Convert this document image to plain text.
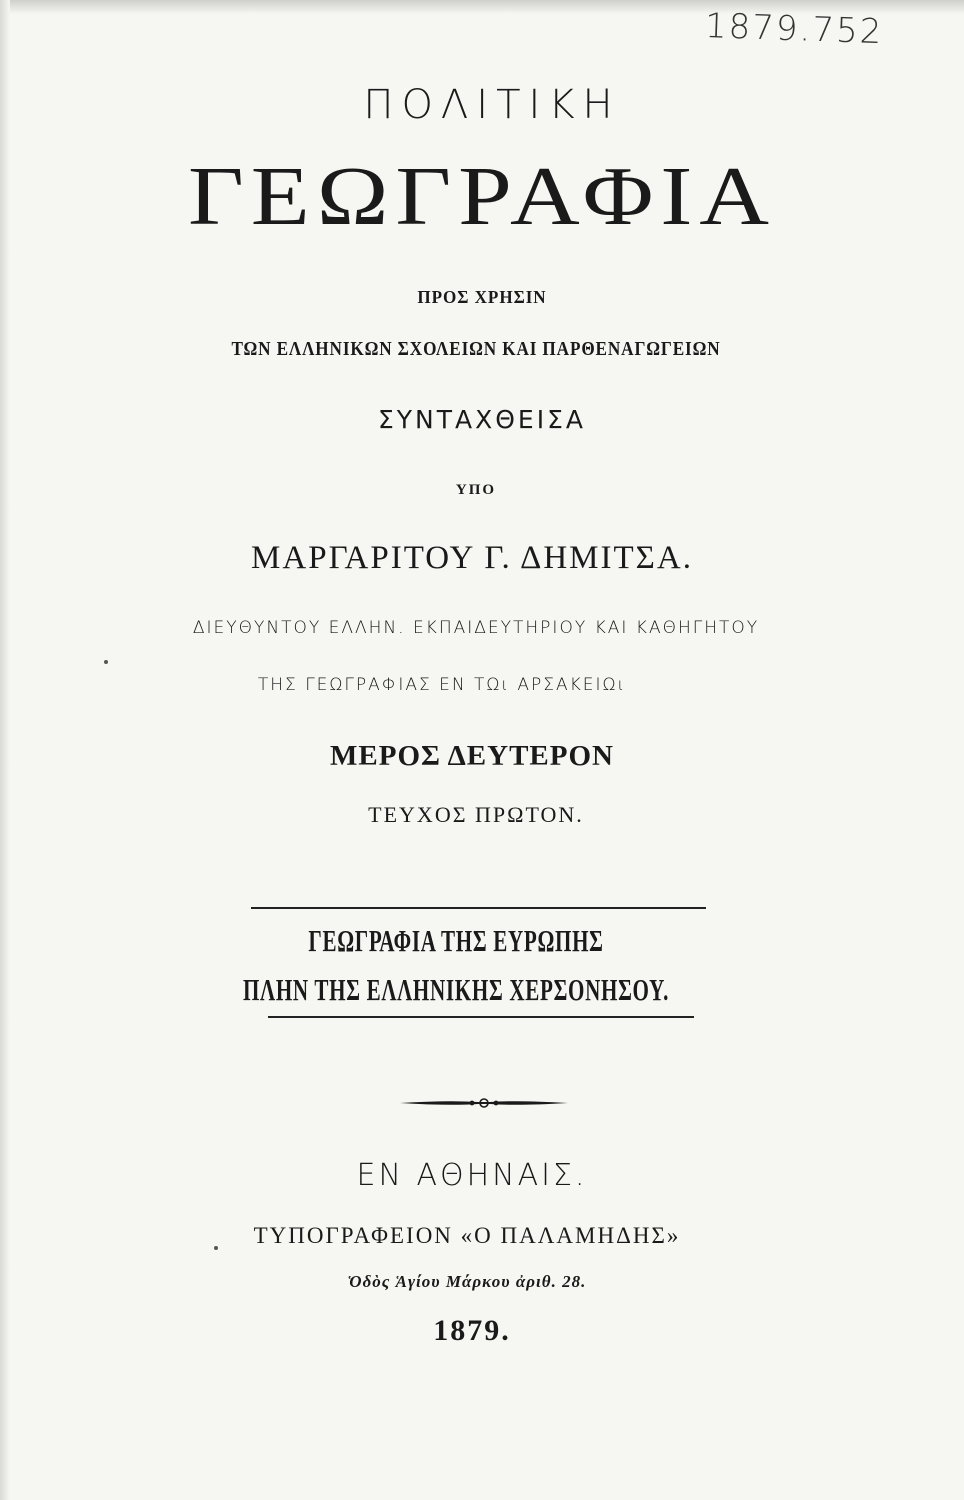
1879.752
ΠΟΛΙΤΙΚΗ
ΓΕΩΓΡΑΦΙΑ
ΠΡΟΣ ΧΡΗΣΙΝ
ΤΩΝ ΕΛΛΗΝΙΚΩΝ ΣΧΟΛΕΙΩΝ ΚΑΙ ΠΑΡΘΕΝΑΓΩΓΕΙΩΝ
ΣΥΝΤΑΧΘΕΙΣΑ
ΥΠΟ
ΜΑΡΓΑΡΙΤΟΥ Γ. ΔΗΜΙΤΣΑ.
ΔΙΕΥΘΥΝΤΟΥ ΕΛΛΗΝ. ΕΚΠΑΙΔΕΥΤΗΡΙΟΥ ΚΑΙ ΚΑΘΗΓΗΤΟΥ
ΤΗΣ ΓΕΩΓΡΑΦΙΑΣ ΕΝ ΤΩι ΑΡΣΑΚΕΙΩι
ΜΕΡΟΣ ΔΕΥΤΕΡΟΝ
ΤΕΥΧΟΣ ΠΡΩΤΟΝ.
ΓΕΩΓΡΑΦΙΑ ΤΗΣ ΕΥΡΩΠΗΣ
ΠΛΗΝ ΤΗΣ ΕΛΛΗΝΙΚΗΣ ΧΕΡΣΟΝΗΣΟΥ.
ΕΝ ΑΘΗΝΑΙΣ.
ΤΥΠΟΓΡΑΦΕΙΟΝ «Ο ΠΑΛΑΜΗΔΗΣ»
Ὁδὸς Ἁγίου Μάρκου ἀριθ. 28.
1879.
